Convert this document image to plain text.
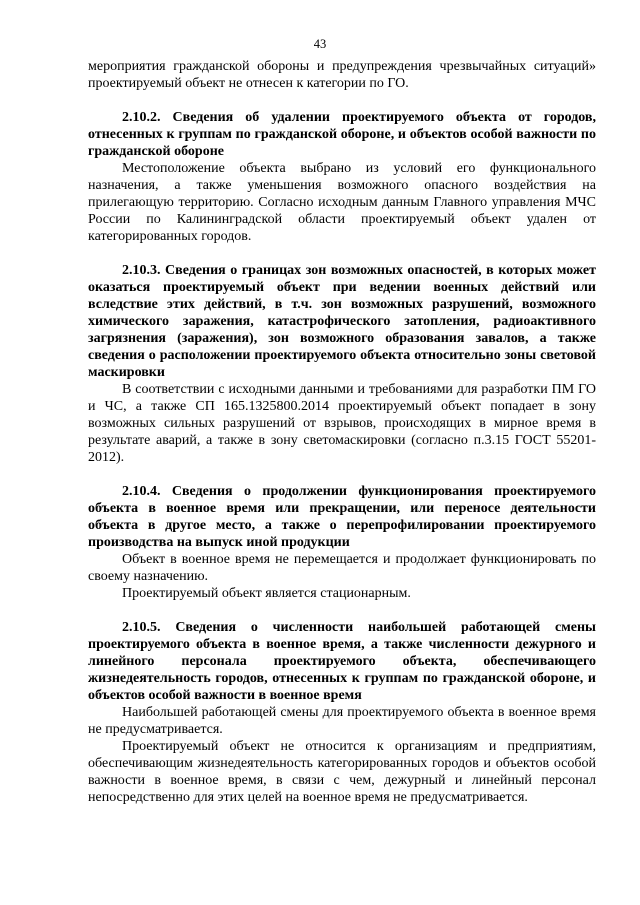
43

мероприятия гражданской обороны и предупреждения чрезвычайных ситуаций» проектируемый объект не отнесен к категории по ГО.

2.10.2. Сведения об удалении проектируемого объекта от городов, отнесенных к группам по гражданской обороне, и объектов особой важности по гражданской обороне

Местоположение объекта выбрано из условий его функционального назначения, а также уменьшения возможного опасного воздействия на прилегающую территорию. Согласно исходным данным Главного управления МЧС России по Калининградской области проектируемый объект удален от категорированных городов.

2.10.3. Сведения о границах зон возможных опасностей, в которых может оказаться проектируемый объект при ведении военных действий или вследствие этих действий, в т.ч. зон возможных разрушений, возможного химического заражения, катастрофического затопления, радиоактивного загрязнения (заражения), зон возможного образования завалов, а также сведения о расположении проектируемого объекта относительно зоны световой маскировки

В соответствии с исходными данными и требованиями для разработки ПМ ГО и ЧС, а также СП 165.1325800.2014 проектируемый объект попадает в зону возможных сильных разрушений от взрывов, происходящих в мирное время в результате аварий, а также в зону светомаскировки (согласно п.3.15 ГОСТ 55201-2012).

2.10.4. Сведения о продолжении функционирования проектируемого объекта в военное время или прекращении, или переносе деятельности объекта в другое место, а также о перепрофилировании проектируемого производства на выпуск иной продукции

Объект в военное время не перемещается и продолжает функционировать по своему назначению.

Проектируемый объект является стационарным.

2.10.5. Сведения о численности наибольшей работающей смены проектируемого объекта в военное время, а также численности дежурного и линейного персонала проектируемого объекта, обеспечивающего жизнедеятельность городов, отнесенных к группам по гражданской обороне, и объектов особой важности в военное время

Наибольшей работающей смены для проектируемого объекта в военное время не предусматривается.

Проектируемый объект не относится к организациям и предприятиям, обеспечивающим жизнедеятельность категорированных городов и объектов особой важности в военное время, в связи с чем, дежурный и линейный персонал непосредственно для этих целей на военное время не предусматривается.
